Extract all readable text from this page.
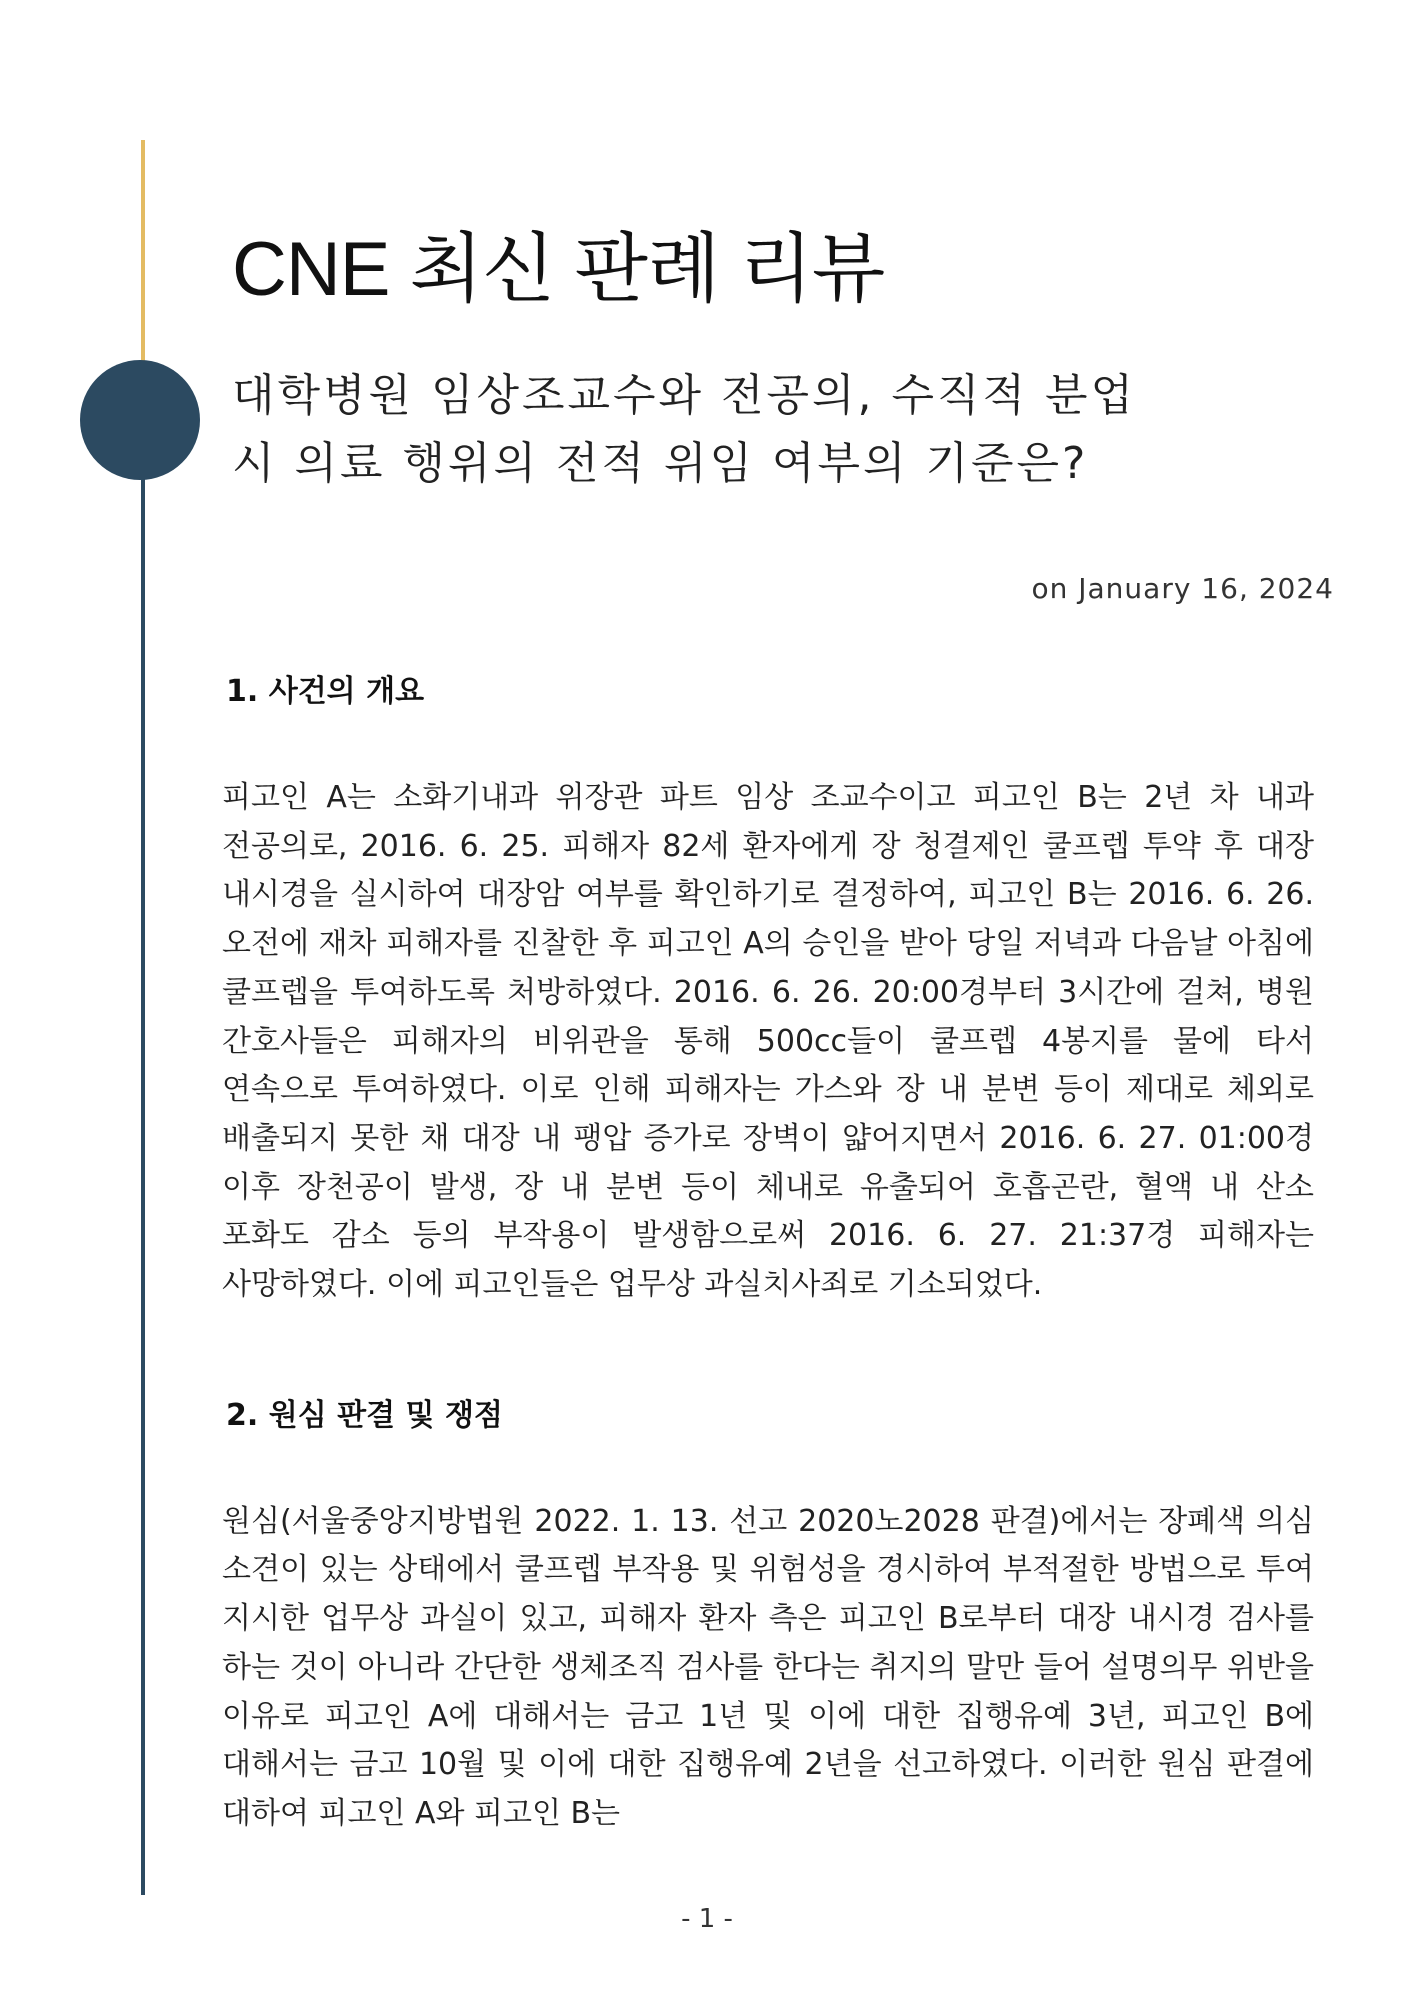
CNE 최신 판례 리뷰
대학병원 임상조교수와 전공의, 수직적 분업
시 의료 행위의 전적 위임 여부의 기준은?
on January 16, 2024
1. 사건의 개요

피고인 A는 소화기내과 위장관 파트 임상 조교수이고 피고인 B는 2년 차 내과 전공의로, 2016. 6. 25. 피해자 82세 환자에게 장 청결제인 쿨프렙 투약 후 대장 내시경을 실시하여 대장암 여부를 확인하기로 결정하여, 피고인 B는 2016. 6. 26. 오전에 재차 피해자를 진찰한 후 피고인 A의 승인을 받아 당일 저녁과 다음날 아침에 쿨프렙을 투여하도록 처방하였다. 2016. 6. 26. 20:00경부터 3시간에 걸쳐, 병원 간호사들은 피해자의 비위관을 통해 500cc들이 쿨프렙 4봉지를 물에 타서 연속으로 투여하였다. 이로 인해 피해자는 가스와 장 내 분변 등이 제대로 체외로 배출되지 못한 채 대장 내 팽압 증가로 장벽이 얇어지면서 2016. 6. 27. 01:00경 이후 장천공이 발생, 장 내 분변 등이 체내로 유출되어 호흡곤란, 혈액 내 산소 포화도 감소 등의 부작용이 발생함으로써 2016. 6. 27. 21:37경 피해자는 사망하였다. 이에 피고인들은 업무상 과실치사죄로 기소되었다.

2. 원심 판결 및 쟁점

원심(서울중앙지방법원 2022. 1. 13. 선고 2020노2028 판결)에서는 장폐색 의심 소견이 있는 상태에서 쿨프렙 부작용 및 위험성을 경시하여 부적절한 방법으로 투여 지시한 업무상 과실이 있고, 피해자 환자 측은 피고인 B로부터 대장 내시경 검사를 하는 것이 아니라 간단한 생체조직 검사를 한다는 취지의 말만 들어 설명의무 위반을 이유로 피고인 A에 대해서는 금고 1년 및 이에 대한 집행유예 3년, 피고인 B에 대해서는 금고 10월 및 이에 대한 집행유예 2년을 선고하였다. 이러한 원심 판결에 대하여 피고인 A와 피고인 B는

- 1 -
